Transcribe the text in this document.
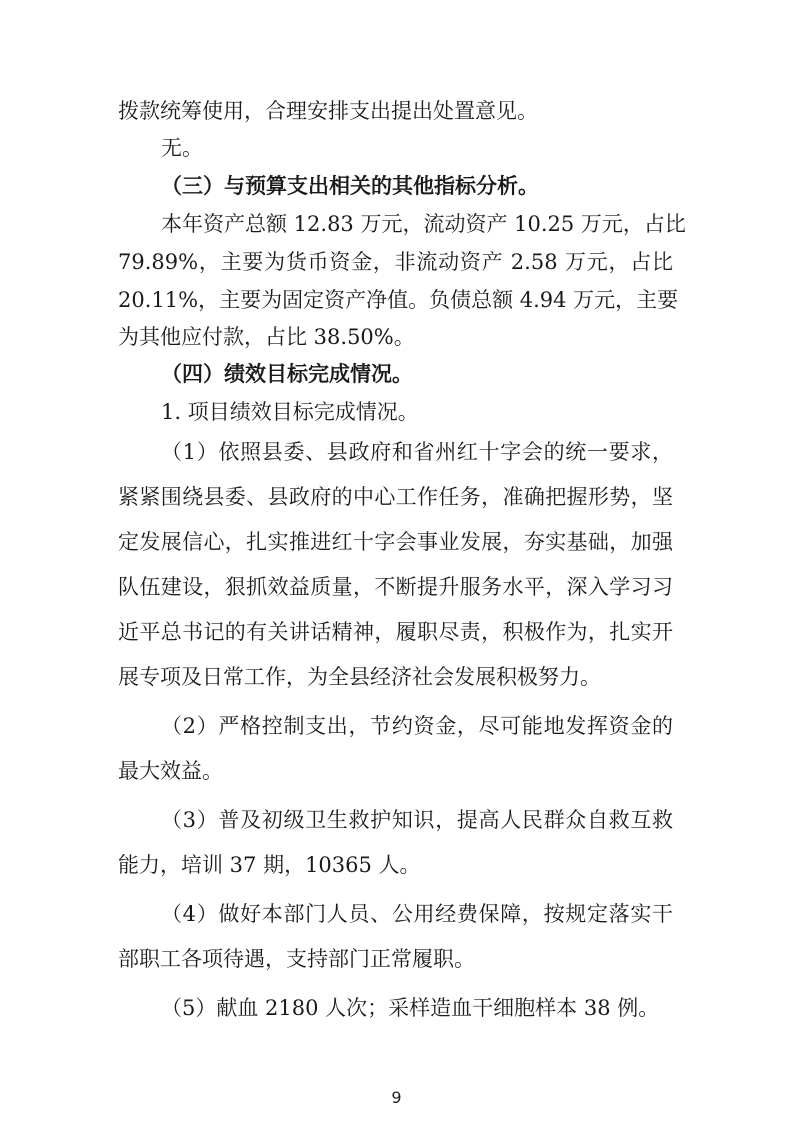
拨款统筹使用，合理安排支出提出处置意见。
无。
（三）与预算支出相关的其他指标分析。
本年资产总额 12.83 万元，流动资产 10.25 万元，占比
79.89%，主要为货币资金，非流动资产 2.58 万元，占比
20.11%，主要为固定资产净值。负债总额 4.94 万元，主要
为其他应付款，占比 38.50%。
（四）绩效目标完成情况。
1. 项目绩效目标完成情况。
（1）依照县委、县政府和省州红十字会的统一要求，
紧紧围绕县委、县政府的中心工作任务，准确把握形势，坚
定发展信心，扎实推进红十字会事业发展，夯实基础，加强
队伍建设，狠抓效益质量，不断提升服务水平，深入学习习
近平总书记的有关讲话精神，履职尽责，积极作为，扎实开
展专项及日常工作，为全县经济社会发展积极努力。
（2）严格控制支出，节约资金，尽可能地发挥资金的
最大效益。
（3）普及初级卫生救护知识，提高人民群众自救互救
能力，培训 37 期，10365 人。
（4）做好本部门人员、公用经费保障，按规定落实干
部职工各项待遇，支持部门正常履职。
（5）献血 2180 人次；采样造血干细胞样本 38 例。
9
